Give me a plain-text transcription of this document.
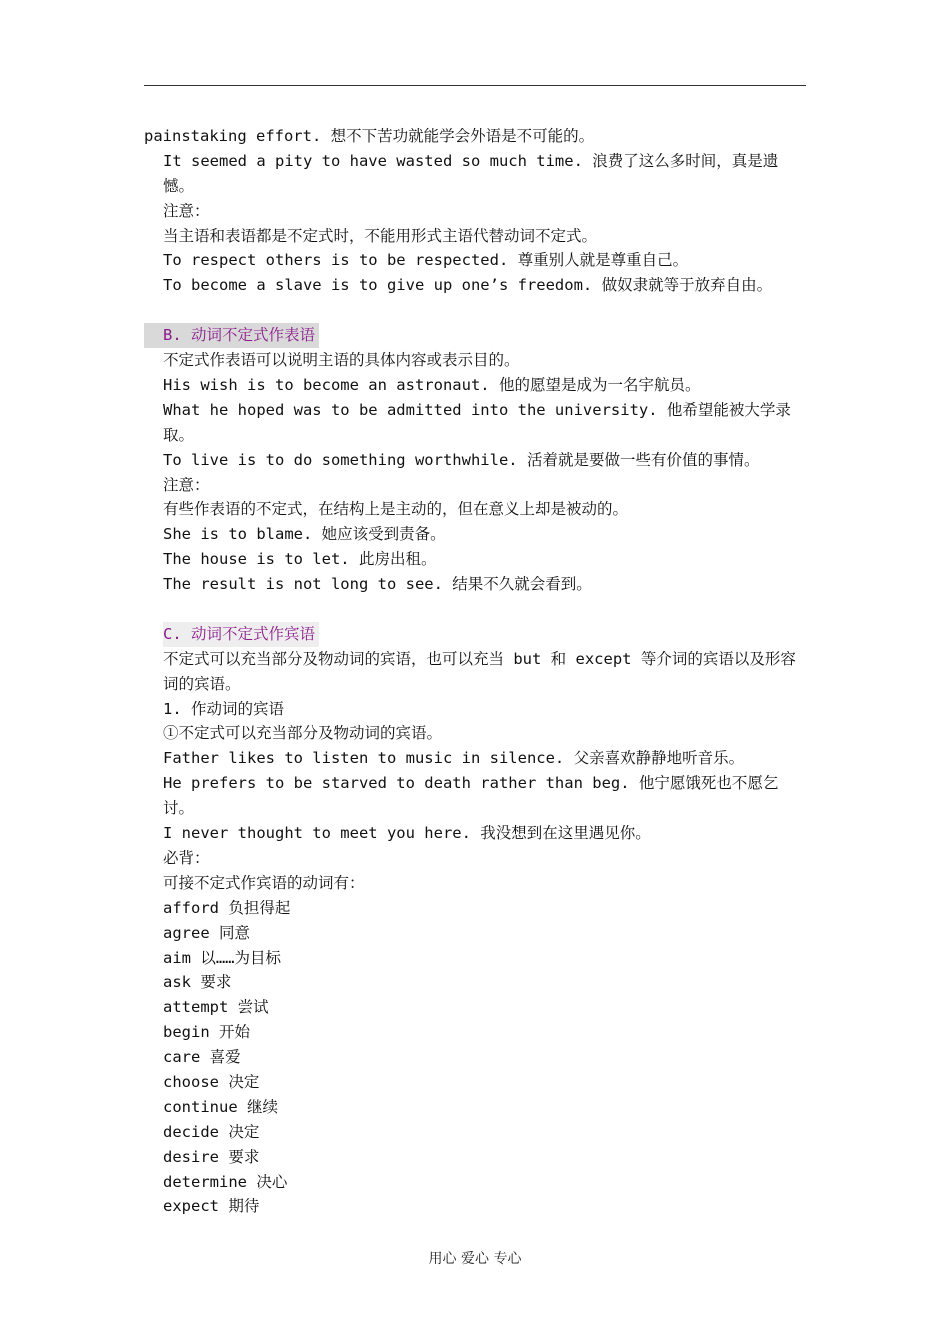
painstaking effort. 想不下苦功就能学会外语是不可能的。
It seemed a pity to have wasted so much time. 浪费了这么多时间，真是遗憾。
注意：
当主语和表语都是不定式时，不能用形式主语代替动词不定式。
To respect others is to be respected. 尊重别人就是尊重自己。
To become a slave is to give up one’s freedom. 做奴隶就等于放弃自由。
B. 动词不定式作表语
不定式作表语可以说明主语的具体内容或表示目的。
His wish is to become an astronaut. 他的愿望是成为一名宇航员。
What he hoped was to be admitted into the university. 他希望能被大学录取。
To live is to do something worthwhile. 活着就是要做一些有价值的事情。
注意：
有些作表语的不定式，在结构上是主动的，但在意义上却是被动的。
She is to blame. 她应该受到责备。
The house is to let. 此房出租。
The result is not long to see. 结果不久就会看到。
C. 动词不定式作宾语
不定式可以充当部分及物动词的宾语，也可以充当 but 和 except 等介词的宾语以及形容词的宾语。
1. 作动词的宾语
①不定式可以充当部分及物动词的宾语。
Father likes to listen to music in silence. 父亲喜欢静静地听音乐。
He prefers to be starved to death rather than beg. 他宁愿饿死也不愿乞讨。
I never thought to meet you here. 我没想到在这里遇见你。
必背：
可接不定式作宾语的动词有：
afford 负担得起
agree 同意
aim 以……为目标
ask 要求
attempt 尝试
begin 开始
care 喜爱
choose 决定
continue 继续
decide 决定
desire 要求
determine 决心
expect 期待
用心 爱心 专心
